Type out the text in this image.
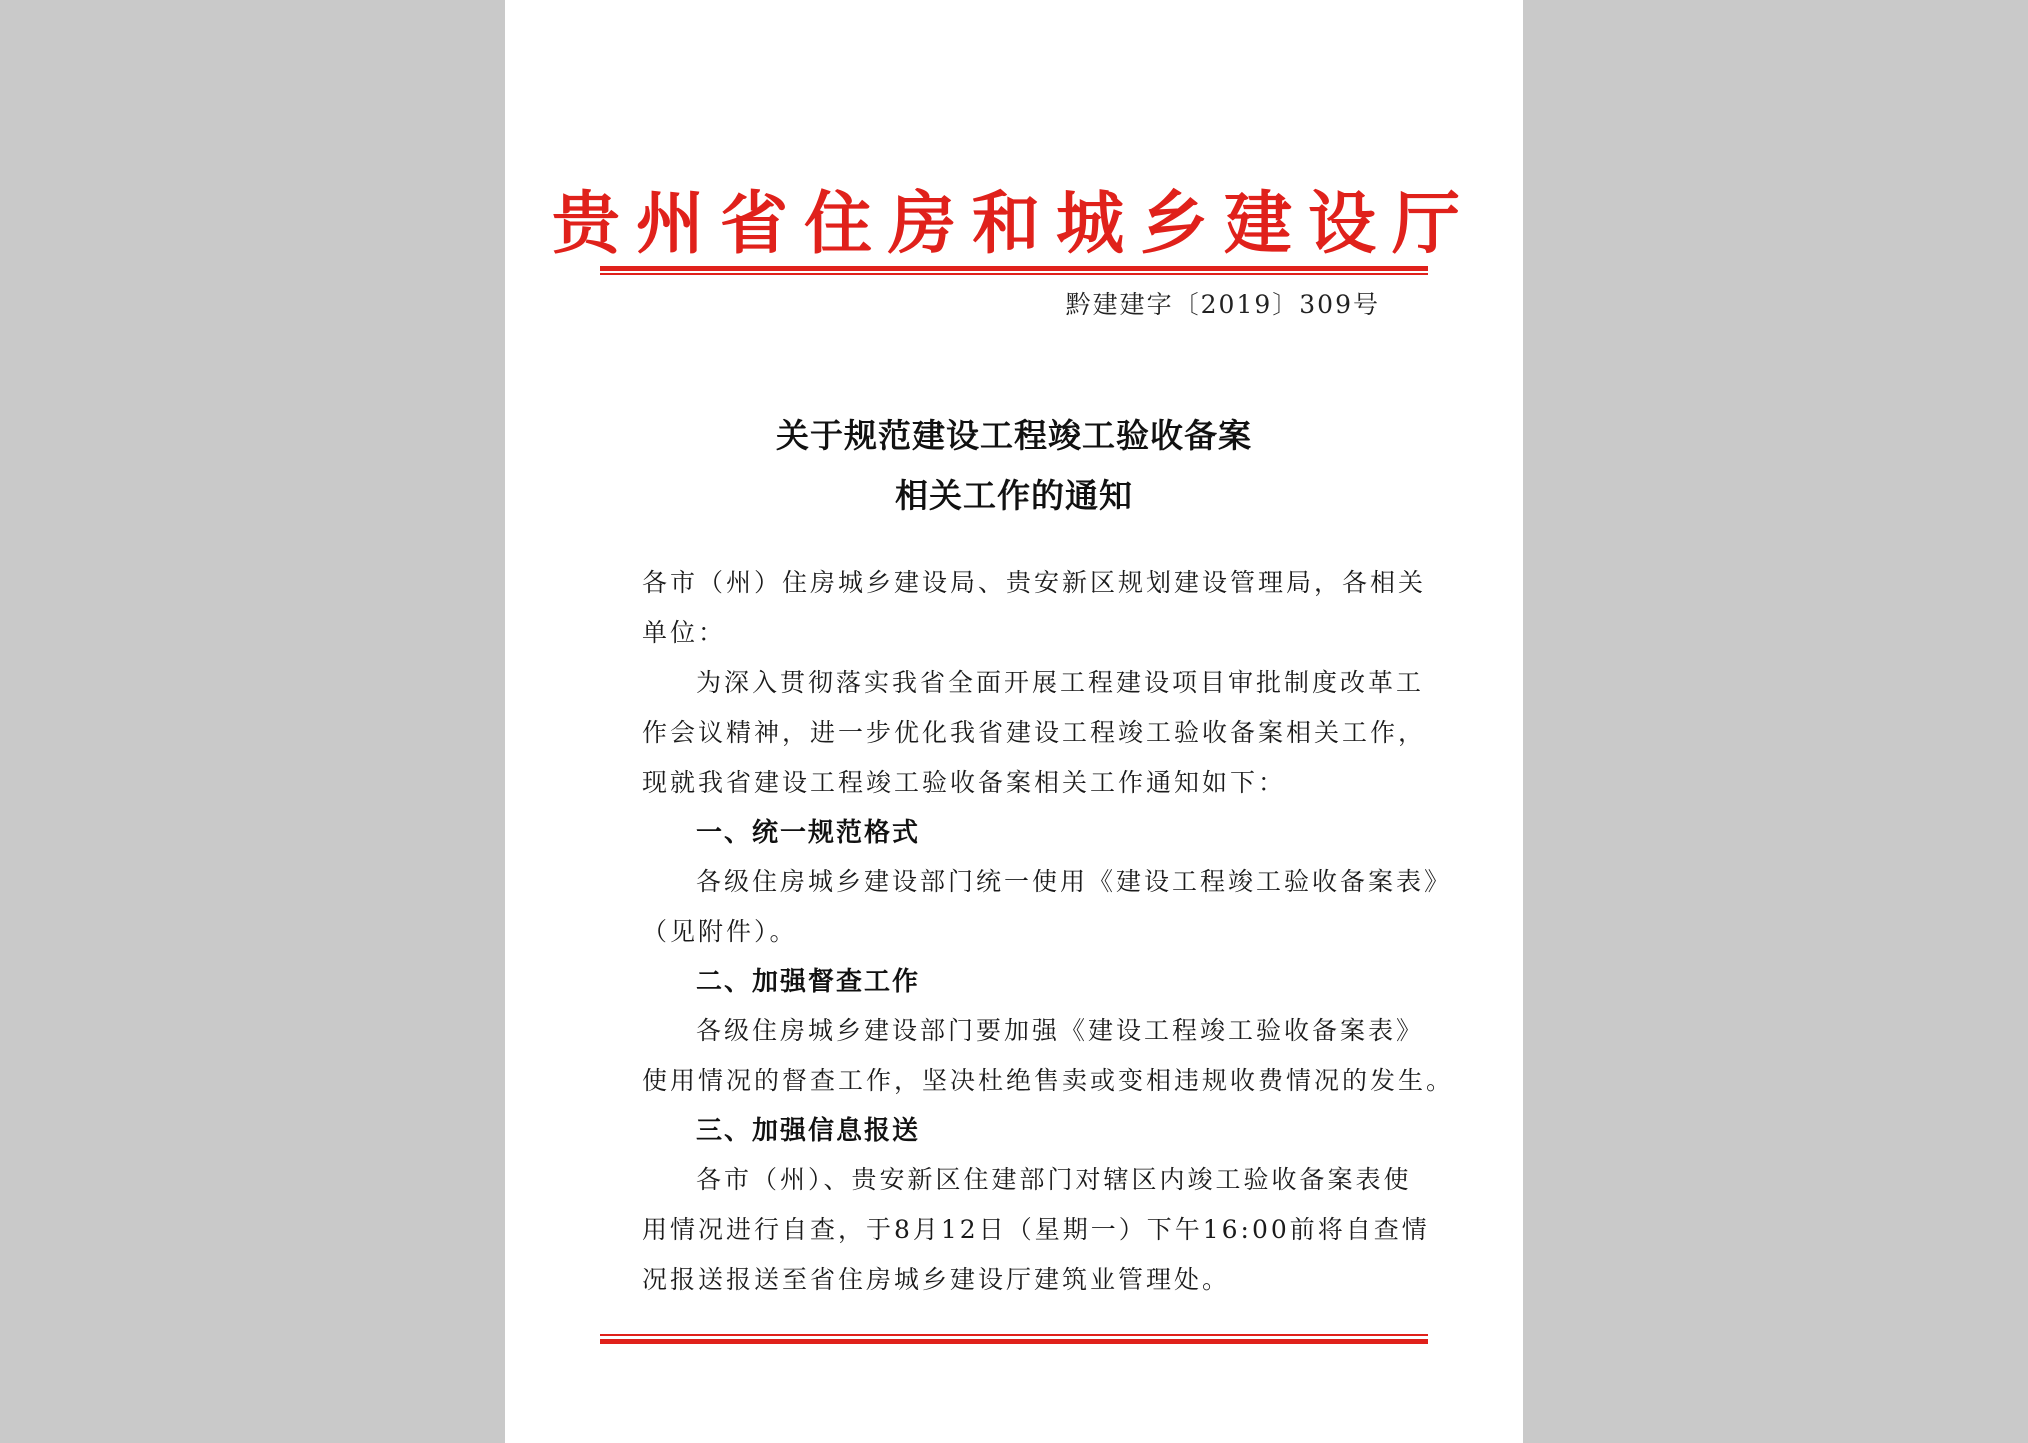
贵州省住房和城乡建设厅
黔建建字〔2019〕309号
关于规范建设工程竣工验收备案
相关工作的通知
各市（州）住房城乡建设局、贵安新区规划建设管理局，各相关
单位：
为深入贯彻落实我省全面开展工程建设项目审批制度改革工
作会议精神，进一步优化我省建设工程竣工验收备案相关工作，
现就我省建设工程竣工验收备案相关工作通知如下：
一、统一规范格式
各级住房城乡建设部门统一使用《建设工程竣工验收备案表》
（见附件）。
二、加强督查工作
各级住房城乡建设部门要加强《建设工程竣工验收备案表》
使用情况的督查工作，坚决杜绝售卖或变相违规收费情况的发生。
三、加强信息报送
各市（州）、贵安新区住建部门对辖区内竣工验收备案表使
用情况进行自查，于8月12日（星期一）下午16:00前将自查情
况报送报送至省住房城乡建设厅建筑业管理处。
